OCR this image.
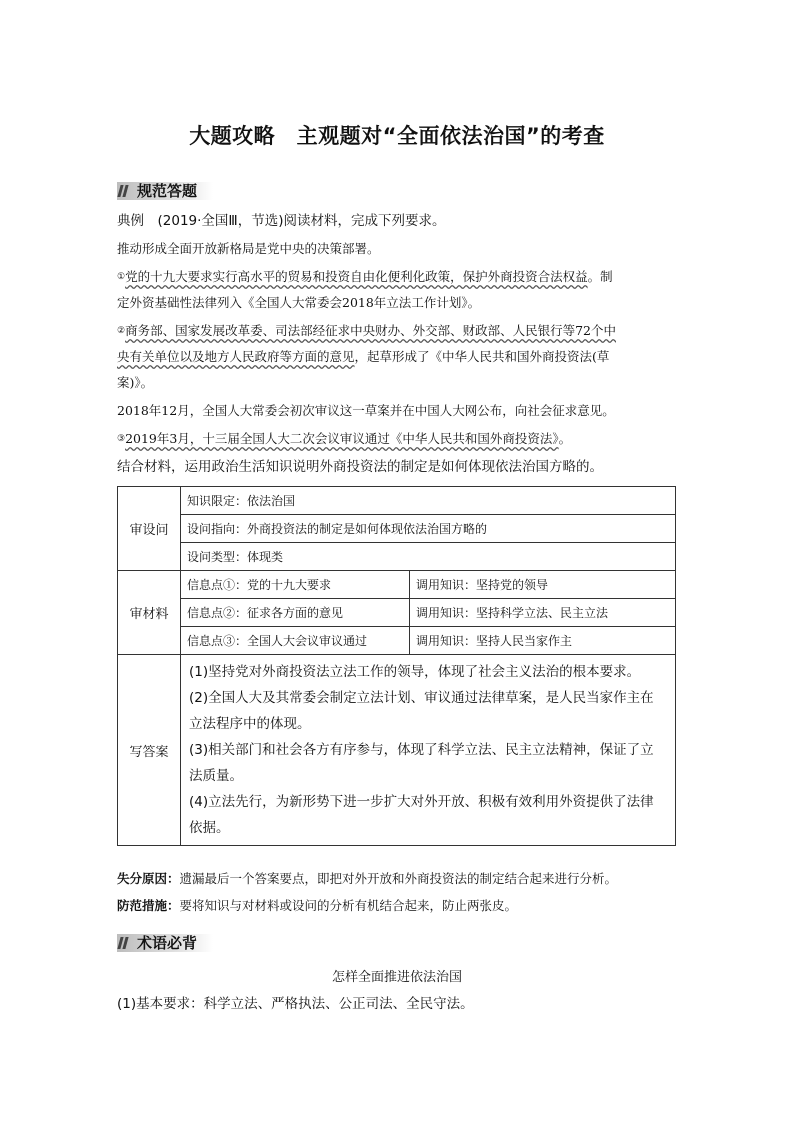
大题攻略　主观题对“全面依法治国”的考查
规范答题
典例　 (2019·全国Ⅲ，节选)阅读材料，完成下列要求。
推动形成全面开放新格局是党中央的决策部署。
①党的十九大要求实行高水平的贸易和投资自由化便利化政策，保护外商投资合法权益。制
定外资基础性法律列入《全国人大常委会2018年立法工作计划》。
②商务部、国家发展改革委、司法部经征求中央财办、外交部、财政部、人民银行等72个中
央有关单位以及地方人民政府等方面的意见，起草形成了《中华人民共和国外商投资法(草
案)》。
2018年12月，全国人大常委会初次审议这一草案并在中国人大网公布，向社会征求意见。
③2019年3月，十三届全国人大二次会议审议通过《中华人民共和国外商投资法》。
结合材料，运用政治生活知识说明外商投资法的制定是如何体现依法治国方略的。
审设问	知识限定：依法治国	
	设问指向：外商投资法的制定是如何体现依法治国方略的	
	设问类型：体现类	
审材料	信息点①：党的十九大要求	调用知识：坚持党的领导
	信息点②：征求各方面的意见	调用知识：坚持科学立法、民主立法
	信息点③：全国人大会议审议通过	调用知识：坚持人民当家作主
写答案	(1)坚持党对外商投资法立法工作的领导，体现了社会主义法治的根本要求。

(2)全国人大及其常委会制定立法计划、审议通过法律草案，是人民当家作主在立法程序中的体现。

(3)相关部门和社会各方有序参与，体现了科学立法、民主立法精神，保证了立法质量。

(4)立法先行，为新形势下进一步扩大对外开放、积极有效利用外资提供了法律依据。	

失分原因：遗漏最后一个答案要点，即把对外开放和外商投资法的制定结合起来进行分析。
防范措施：要将知识与对材料或设问的分析有机结合起来，防止两张皮。
术语必背
怎样全面推进依法治国
(1)基本要求：科学立法、严格执法、公正司法、全民守法。
